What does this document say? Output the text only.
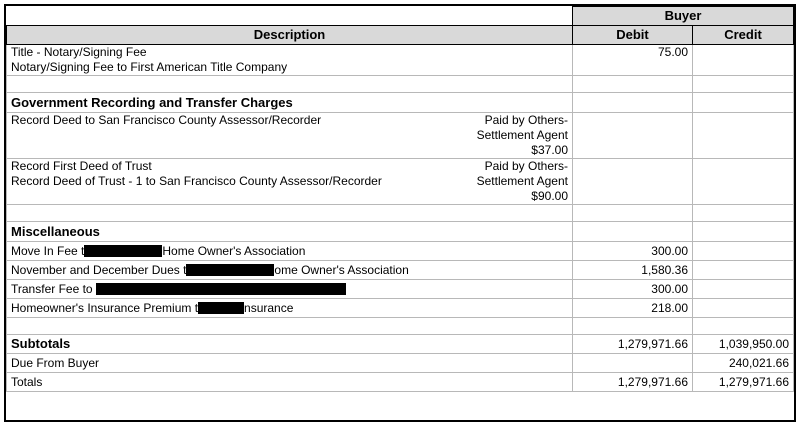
	Buyer	
Description	Debit	Credit

Title - Notary/Signing Fee
Notary/Signing Fee to First American Title Company	75.00	

Government Recording and Transfer Charges		

Record Deed to San Francisco County Assessor/Recorder Paid by Others-
Settlement Agent
$37.00		

Record First Deed of Trust
Record Deed of Trust - 1 to San Francisco County Assessor/Recorder
Paid by Others-
Settlement Agent
$90.00		

Miscellaneous		
Move In Fee t Home Owner's Association	300.00	
November and December Dues t ome Owner's Association	1,580.36	
Transfer Fee to	300.00	
Homeowner's Insurance Premium t nsurance	218.00	

Subtotals	1,279,971.66	1,039,950.00
Due From Buyer		240,021.66
Totals	1,279,971.66	1,279,971.66
